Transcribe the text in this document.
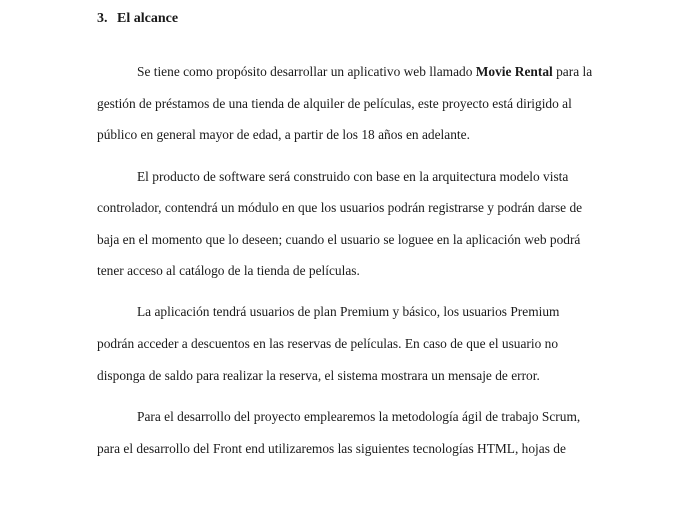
3. El alcance
Se tiene como propósito desarrollar un aplicativo web llamado Movie Rental para la
gestión de préstamos de una tienda de alquiler de películas, este proyecto está dirigido al
público en general mayor de edad, a partir de los 18 años en adelante.
El producto de software será construido con base en la arquitectura modelo vista
controlador, contendrá un módulo en que los usuarios podrán registrarse y podrán darse de
baja en el momento que lo deseen; cuando el usuario se loguee en la aplicación web podrá
tener acceso al catálogo de la tienda de películas.
La aplicación tendrá usuarios de plan Premium y básico, los usuarios Premium
podrán acceder a descuentos en las reservas de películas. En caso de que el usuario no
disponga de saldo para realizar la reserva, el sistema mostrara un mensaje de error.
Para el desarrollo del proyecto emplearemos la metodología ágil de trabajo Scrum,
para el desarrollo del Front end utilizaremos las siguientes tecnologías HTML, hojas de
